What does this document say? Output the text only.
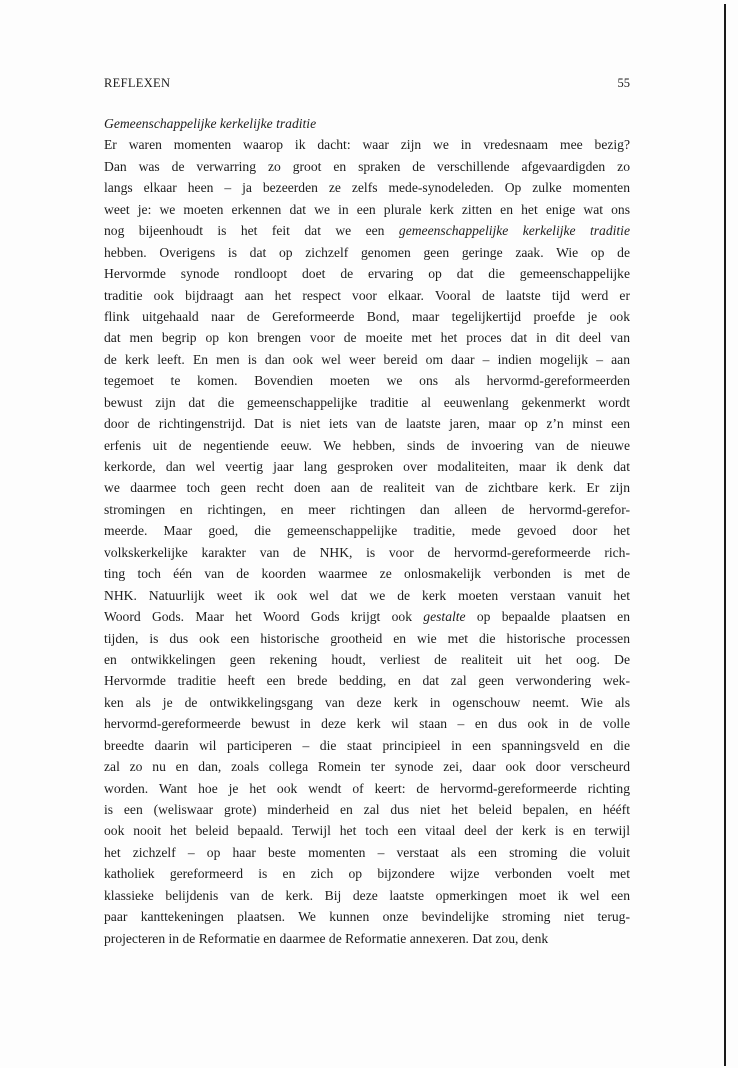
REFLEXEN	55
Gemeenschappelijke kerkelijke traditie
Er waren momenten waarop ik dacht: waar zijn we in vredesnaam mee bezig?
Dan was de verwarring zo groot en spraken de verschillende afgevaardigden zo
langs elkaar heen – ja bezeerden ze zelfs mede-synodeleden. Op zulke momenten
weet je: we moeten erkennen dat we in een plurale kerk zitten en het enige wat ons
nog bijeenhoudt is het feit dat we een gemeenschappelijke kerkelijke traditie
hebben. Overigens is dat op zichzelf genomen geen geringe zaak. Wie op de
Hervormde synode rondloopt doet de ervaring op dat die gemeenschappelijke
traditie ook bijdraagt aan het respect voor elkaar. Vooral de laatste tijd werd er
flink uitgehaald naar de Gereformeerde Bond, maar tegelijkertijd proefde je ook
dat men begrip op kon brengen voor de moeite met het proces dat in dit deel van
de kerk leeft. En men is dan ook wel weer bereid om daar – indien mogelijk – aan
tegemoet te komen. Bovendien moeten we ons als hervormd-gereformeerden
bewust zijn dat die gemeenschappelijke traditie al eeuwenlang gekenmerkt wordt
door de richtingenstrijd. Dat is niet iets van de laatste jaren, maar op z’n minst een
erfenis uit de negentiende eeuw. We hebben, sinds de invoering van de nieuwe
kerkorde, dan wel veertig jaar lang gesproken over modaliteiten, maar ik denk dat
we daarmee toch geen recht doen aan de realiteit van de zichtbare kerk. Er zijn
stromingen en richtingen, en meer richtingen dan alleen de hervormd-gerefor-
meerde. Maar goed, die gemeenschappelijke traditie, mede gevoed door het
volkskerkelijke karakter van de NHK, is voor de hervormd-gereformeerde rich-
ting toch één van de koorden waarmee ze onlosmakelijk verbonden is met de
NHK. Natuurlijk weet ik ook wel dat we de kerk moeten verstaan vanuit het
Woord Gods. Maar het Woord Gods krijgt ook gestalte op bepaalde plaatsen en
tijden, is dus ook een historische grootheid en wie met die historische processen
en ontwikkelingen geen rekening houdt, verliest de realiteit uit het oog. De
Hervormde traditie heeft een brede bedding, en dat zal geen verwondering wek-
ken als je de ontwikkelingsgang van deze kerk in ogenschouw neemt. Wie als
hervormd-gereformeerde bewust in deze kerk wil staan – en dus ook in de volle
breedte daarin wil participeren – die staat principieel in een spanningsveld en die
zal zo nu en dan, zoals collega Romein ter synode zei, daar ook door verscheurd
worden. Want hoe je het ook wendt of keert: de hervormd-gereformeerde richting
is een (weliswaar grote) minderheid en zal dus niet het beleid bepalen, en hééft
ook nooit het beleid bepaald. Terwijl het toch een vitaal deel der kerk is en terwijl
het zichzelf – op haar beste momenten – verstaat als een stroming die voluit
katholiek gereformeerd is en zich op bijzondere wijze verbonden voelt met
klassieke belijdenis van de kerk. Bij deze laatste opmerkingen moet ik wel een
paar kanttekeningen plaatsen. We kunnen onze bevindelijke stroming niet terug-
projecteren in de Reformatie en daarmee de Reformatie annexeren. Dat zou, denk
